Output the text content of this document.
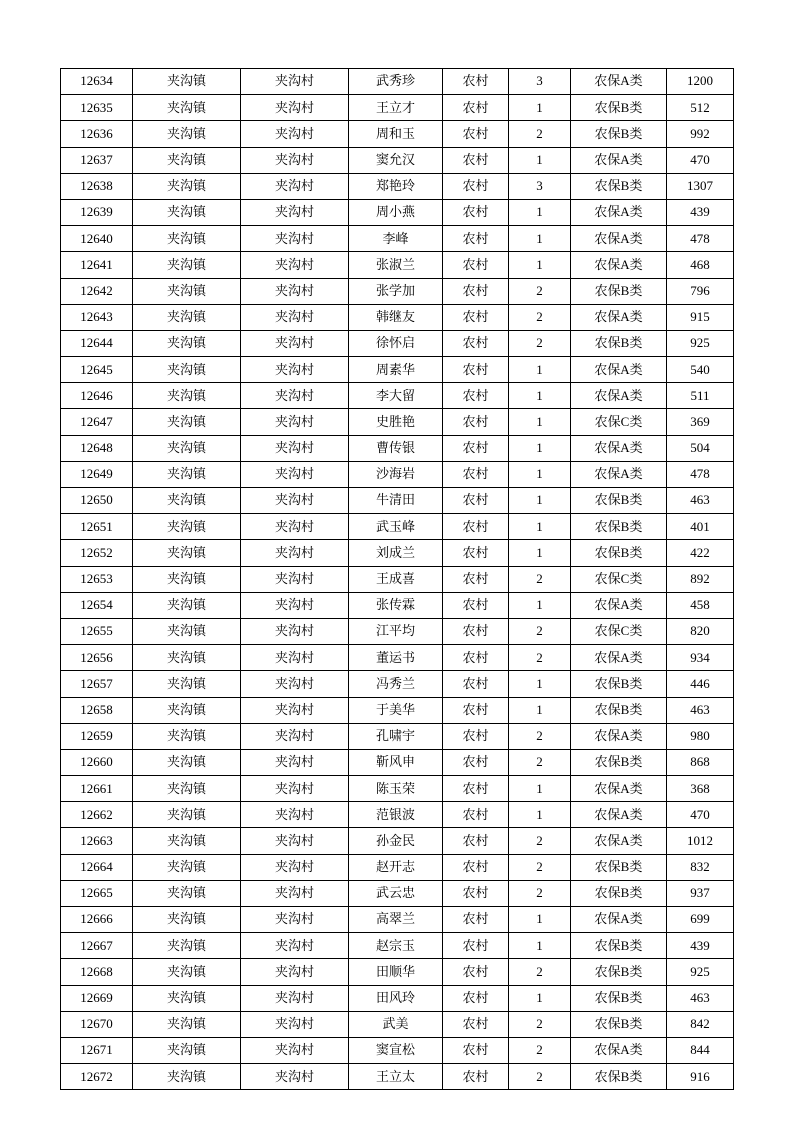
12634	夹沟镇	夹沟村	武秀珍	农村	3	农保A类	1200
12635	夹沟镇	夹沟村	王立才	农村	1	农保B类	512
12636	夹沟镇	夹沟村	周和玉	农村	2	农保B类	992
12637	夹沟镇	夹沟村	窦允汉	农村	1	农保A类	470
12638	夹沟镇	夹沟村	郑艳玲	农村	3	农保B类	1307
12639	夹沟镇	夹沟村	周小燕	农村	1	农保A类	439
12640	夹沟镇	夹沟村	李峰	农村	1	农保A类	478
12641	夹沟镇	夹沟村	张淑兰	农村	1	农保A类	468
12642	夹沟镇	夹沟村	张学加	农村	2	农保B类	796
12643	夹沟镇	夹沟村	韩继友	农村	2	农保A类	915
12644	夹沟镇	夹沟村	徐怀启	农村	2	农保B类	925
12645	夹沟镇	夹沟村	周素华	农村	1	农保A类	540
12646	夹沟镇	夹沟村	李大留	农村	1	农保A类	511
12647	夹沟镇	夹沟村	史胜艳	农村	1	农保C类	369
12648	夹沟镇	夹沟村	曹传银	农村	1	农保A类	504
12649	夹沟镇	夹沟村	沙海岩	农村	1	农保A类	478
12650	夹沟镇	夹沟村	牛清田	农村	1	农保B类	463
12651	夹沟镇	夹沟村	武玉峰	农村	1	农保B类	401
12652	夹沟镇	夹沟村	刘成兰	农村	1	农保B类	422
12653	夹沟镇	夹沟村	王成喜	农村	2	农保C类	892
12654	夹沟镇	夹沟村	张传霖	农村	1	农保A类	458
12655	夹沟镇	夹沟村	江平均	农村	2	农保C类	820
12656	夹沟镇	夹沟村	董运书	农村	2	农保A类	934
12657	夹沟镇	夹沟村	冯秀兰	农村	1	农保B类	446
12658	夹沟镇	夹沟村	于美华	农村	1	农保B类	463
12659	夹沟镇	夹沟村	孔啸宇	农村	2	农保A类	980
12660	夹沟镇	夹沟村	靳风申	农村	2	农保B类	868
12661	夹沟镇	夹沟村	陈玉荣	农村	1	农保A类	368
12662	夹沟镇	夹沟村	范银波	农村	1	农保A类	470
12663	夹沟镇	夹沟村	孙金民	农村	2	农保A类	1012
12664	夹沟镇	夹沟村	赵开志	农村	2	农保B类	832
12665	夹沟镇	夹沟村	武云忠	农村	2	农保B类	937
12666	夹沟镇	夹沟村	高翠兰	农村	1	农保A类	699
12667	夹沟镇	夹沟村	赵宗玉	农村	1	农保B类	439
12668	夹沟镇	夹沟村	田顺华	农村	2	农保B类	925
12669	夹沟镇	夹沟村	田风玲	农村	1	农保B类	463
12670	夹沟镇	夹沟村	武美	农村	2	农保B类	842
12671	夹沟镇	夹沟村	窦宣松	农村	2	农保A类	844
12672	夹沟镇	夹沟村	王立太	农村	2	农保B类	916
